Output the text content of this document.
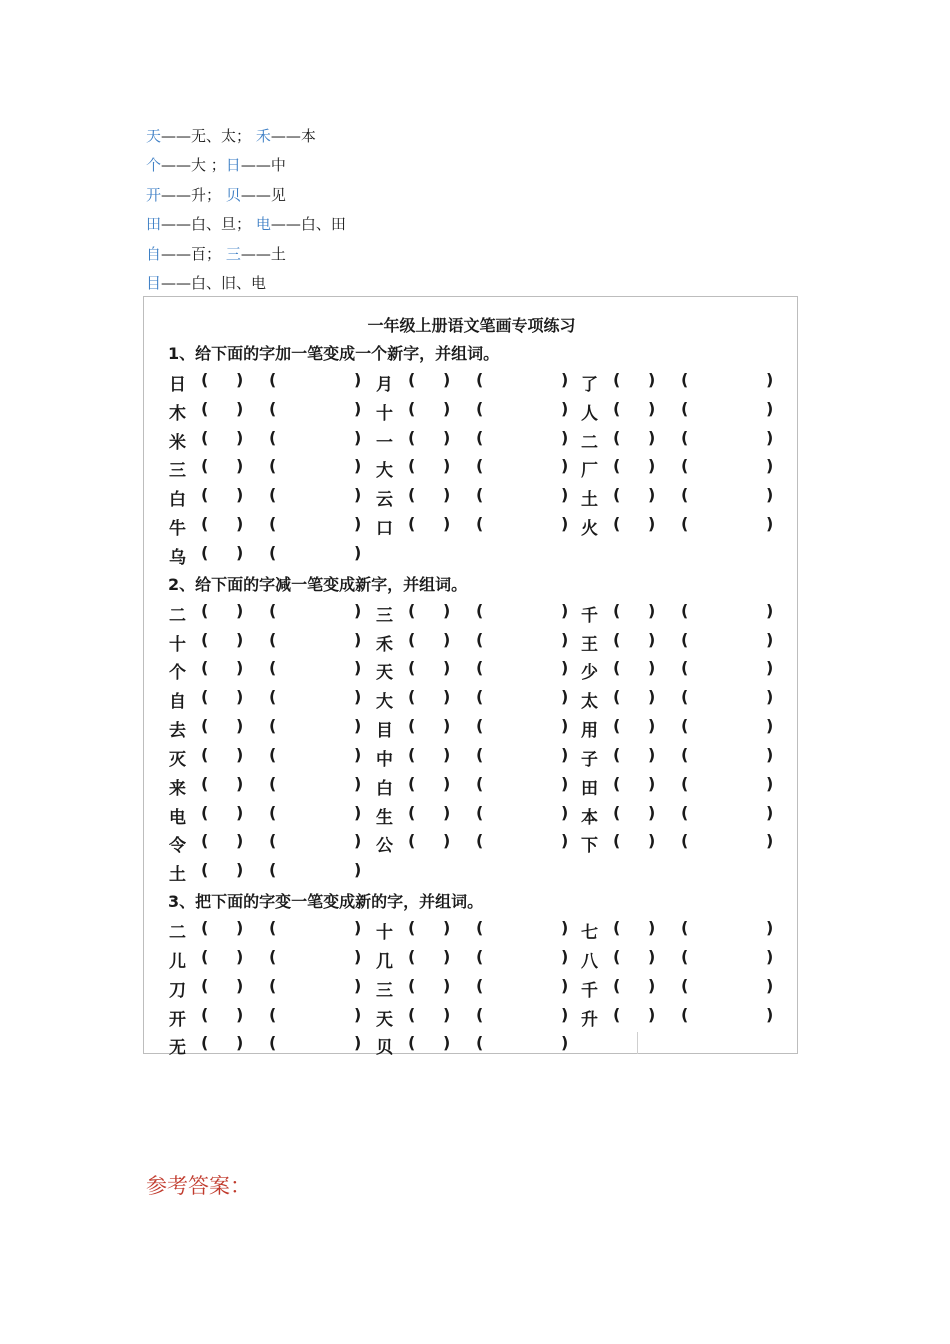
天——无、太； 禾——本
个——大 ；日——中
开——升； 贝——见
田——白、旦； 电——白、田
自——百； 三——土
目——白、旧、电
一年级上册语文笔画专项练习
1、给下面的字加一笔变成一个新字，并组词。
日 ( ) (	) 月 ( ) (	) 了 ( ) (	)
木 ( ) (	) 十 ( ) (	) 人 ( ) (	)
米 ( ) (	) 一 ( ) (	) 二 ( ) (	)
三 ( ) (	) 大 ( ) (	) 厂 ( ) (	)
白 ( ) (	) 云 ( ) (	) 土 ( ) (	)
牛 ( ) (	) 口 ( ) (	) 火 ( ) (	)
乌 ( ) (	)
2、给下面的字减一笔变成新字，并组词。
二 ( ) (	) 三 ( ) (	) 千 ( ) (	)
十 ( ) (	) 禾 ( ) (	) 王 ( ) (	)
个 ( ) (	) 天 ( ) (	) 少 ( ) (	)
自 ( ) (	) 大 ( ) (	) 太 ( ) (	)
去 ( ) (	) 目 ( ) (	) 用 ( ) (	)
灭 ( ) (	) 中 ( ) (	) 子 ( ) (	)
来 ( ) (	) 白 ( ) (	) 田 ( ) (	)
电 ( ) (	) 生 ( ) (	) 本 ( ) (	)
令 ( ) (	) 公 ( ) (	) 下 ( ) (	)
土 ( ) (	)
3、把下面的字变一笔变成新的字，并组词。
二 ( ) (	) 十 ( ) (	) 七 ( ) (	)
儿 ( ) (	) 几 ( ) (	) 八 ( ) (	)
刀 ( ) (	) 三 ( ) (	) 千 ( ) (	)
开 ( ) (	) 天 ( ) (	) 升 ( ) (	)
无 ( ) (	) 贝 ( ) (	)
参考答案：
